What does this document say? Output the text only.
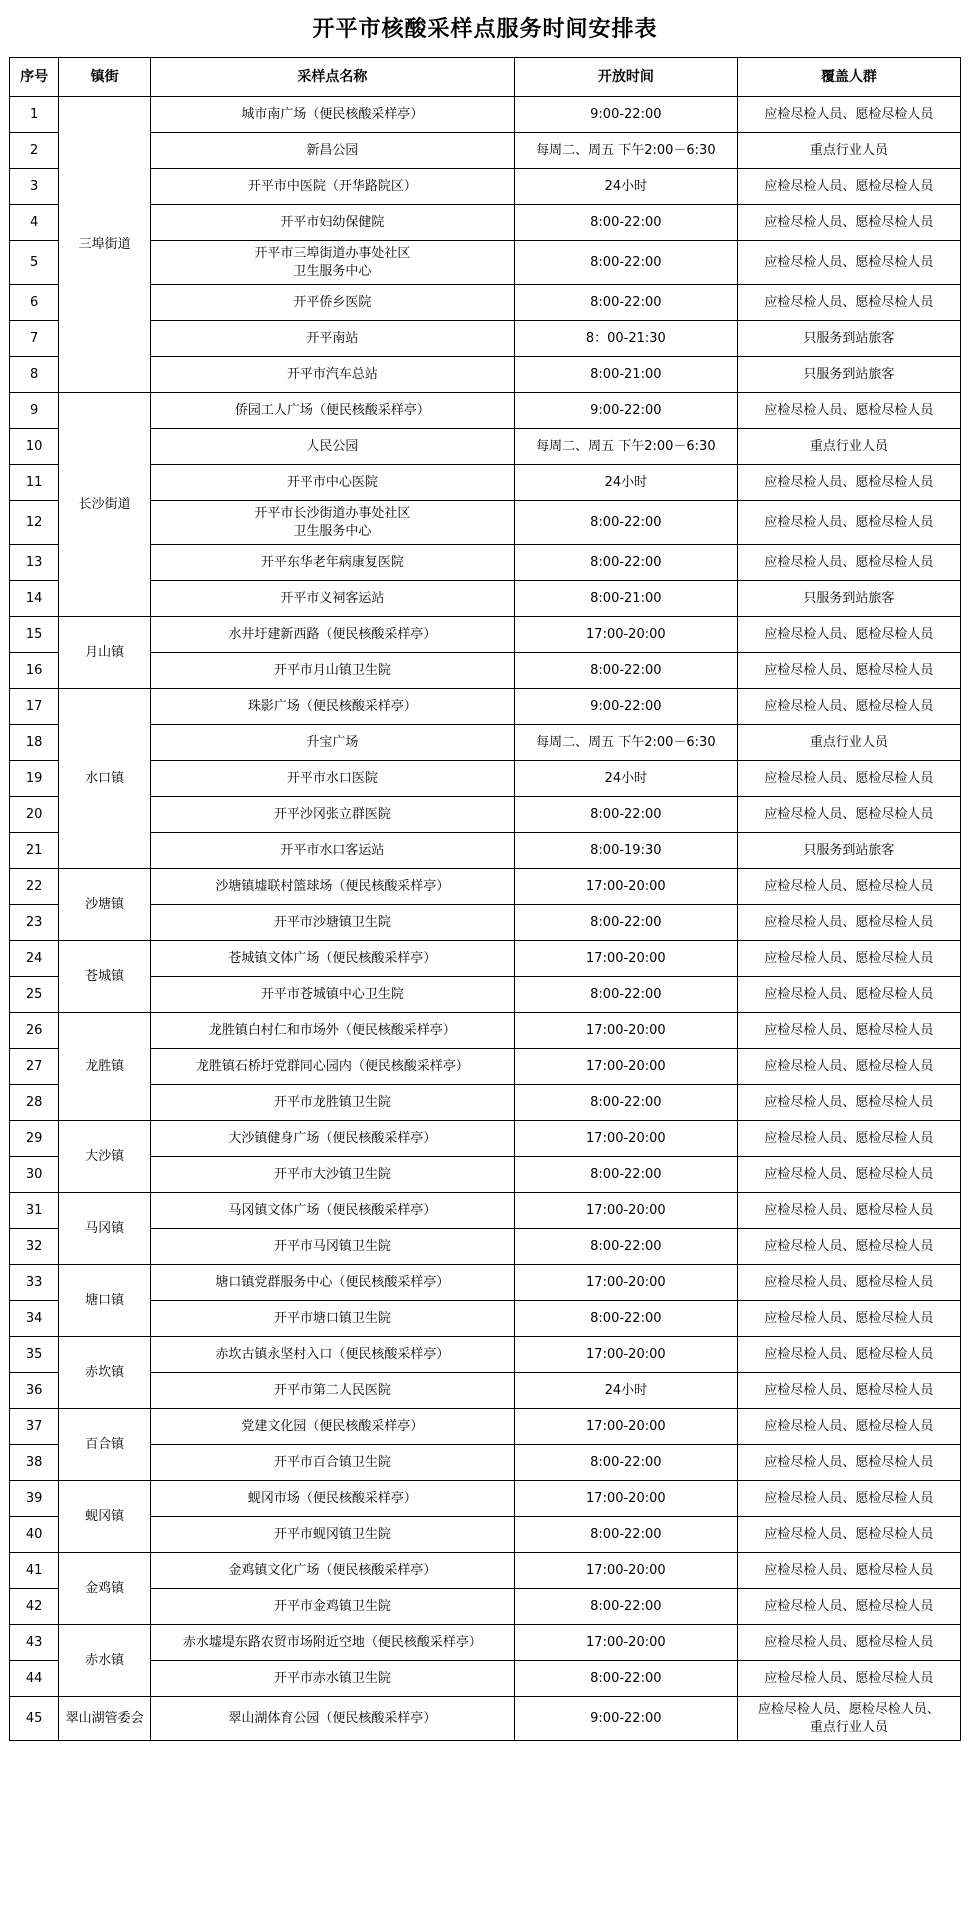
开平市核酸采样点服务时间安排表
序号	镇街	采样点名称	开放时间	覆盖人群
1	三埠街道	城市南广场（便民核酸采样亭）	9:00-22:00	应检尽检人员、愿检尽检人员
2		新昌公园	每周二、周五 下午2:00－6:30	重点行业人员
3		开平市中医院（开华路院区）	24小时	应检尽检人员、愿检尽检人员
4		开平市妇幼保健院	8:00-22:00	应检尽检人员、愿检尽检人员
5		开平市三埠街道办事处社区
卫生服务中心	8:00-22:00	应检尽检人员、愿检尽检人员
6		开平侨乡医院	8:00-22:00	应检尽检人员、愿检尽检人员
7		开平南站	8：00-21:30	只服务到站旅客
8		开平市汽车总站	8:00-21:00	只服务到站旅客
9	长沙街道	侨园工人广场（便民核酸采样亭）	9:00-22:00	应检尽检人员、愿检尽检人员
10		人民公园	每周二、周五 下午2:00－6:30	重点行业人员
11		开平市中心医院	24小时	应检尽检人员、愿检尽检人员
12		开平市长沙街道办事处社区
卫生服务中心	8:00-22:00	应检尽检人员、愿检尽检人员
13		开平东华老年病康复医院	8:00-22:00	应检尽检人员、愿检尽检人员
14		开平市义祠客运站	8:00-21:00	只服务到站旅客
15	月山镇	水井圩建新西路（便民核酸采样亭）	17:00-20:00	应检尽检人员、愿检尽检人员
16		开平市月山镇卫生院	8:00-22:00	应检尽检人员、愿检尽检人员
17	水口镇	珠影广场（便民核酸采样亭）	9:00-22:00	应检尽检人员、愿检尽检人员
18		升宝广场	每周二、周五 下午2:00－6:30	重点行业人员
19		开平市水口医院	24小时	应检尽检人员、愿检尽检人员
20		开平沙冈张立群医院	8:00-22:00	应检尽检人员、愿检尽检人员
21		开平市水口客运站	8:00-19:30	只服务到站旅客
22	沙塘镇	沙塘镇墟联村篮球场（便民核酸采样亭）	17:00-20:00	应检尽检人员、愿检尽检人员
23		开平市沙塘镇卫生院	8:00-22:00	应检尽检人员、愿检尽检人员
24	苍城镇	苍城镇文体广场（便民核酸采样亭）	17:00-20:00	应检尽检人员、愿检尽检人员
25		开平市苍城镇中心卫生院	8:00-22:00	应检尽检人员、愿检尽检人员
26	龙胜镇	龙胜镇白村仁和市场外（便民核酸采样亭）	17:00-20:00	应检尽检人员、愿检尽检人员
27		龙胜镇石桥圩党群同心园内（便民核酸采样亭）	17:00-20:00	应检尽检人员、愿检尽检人员
28		开平市龙胜镇卫生院	8:00-22:00	应检尽检人员、愿检尽检人员
29	大沙镇	大沙镇健身广场（便民核酸采样亭）	17:00-20:00	应检尽检人员、愿检尽检人员
30		开平市大沙镇卫生院	8:00-22:00	应检尽检人员、愿检尽检人员
31	马冈镇	马冈镇文体广场（便民核酸采样亭）	17:00-20:00	应检尽检人员、愿检尽检人员
32		开平市马冈镇卫生院	8:00-22:00	应检尽检人员、愿检尽检人员
33	塘口镇	塘口镇党群服务中心（便民核酸采样亭）	17:00-20:00	应检尽检人员、愿检尽检人员
34		开平市塘口镇卫生院	8:00-22:00	应检尽检人员、愿检尽检人员
35	赤坎镇	赤坎古镇永坚村入口（便民核酸采样亭）	17:00-20:00	应检尽检人员、愿检尽检人员
36		开平市第二人民医院	24小时	应检尽检人员、愿检尽检人员
37	百合镇	党建文化园（便民核酸采样亭）	17:00-20:00	应检尽检人员、愿检尽检人员
38		开平市百合镇卫生院	8:00-22:00	应检尽检人员、愿检尽检人员
39	蚬冈镇	蚬冈市场（便民核酸采样亭）	17:00-20:00	应检尽检人员、愿检尽检人员
40		开平市蚬冈镇卫生院	8:00-22:00	应检尽检人员、愿检尽检人员
41	金鸡镇	金鸡镇文化广场（便民核酸采样亭）	17:00-20:00	应检尽检人员、愿检尽检人员
42		开平市金鸡镇卫生院	8:00-22:00	应检尽检人员、愿检尽检人员
43	赤水镇	赤水墟堤东路农贸市场附近空地（便民核酸采样亭）	17:00-20:00	应检尽检人员、愿检尽检人员
44		开平市赤水镇卫生院	8:00-22:00	应检尽检人员、愿检尽检人员
45	翠山湖管委会	翠山湖体育公园（便民核酸采样亭）	9:00-22:00	应检尽检人员、愿检尽检人员、
重点行业人员
